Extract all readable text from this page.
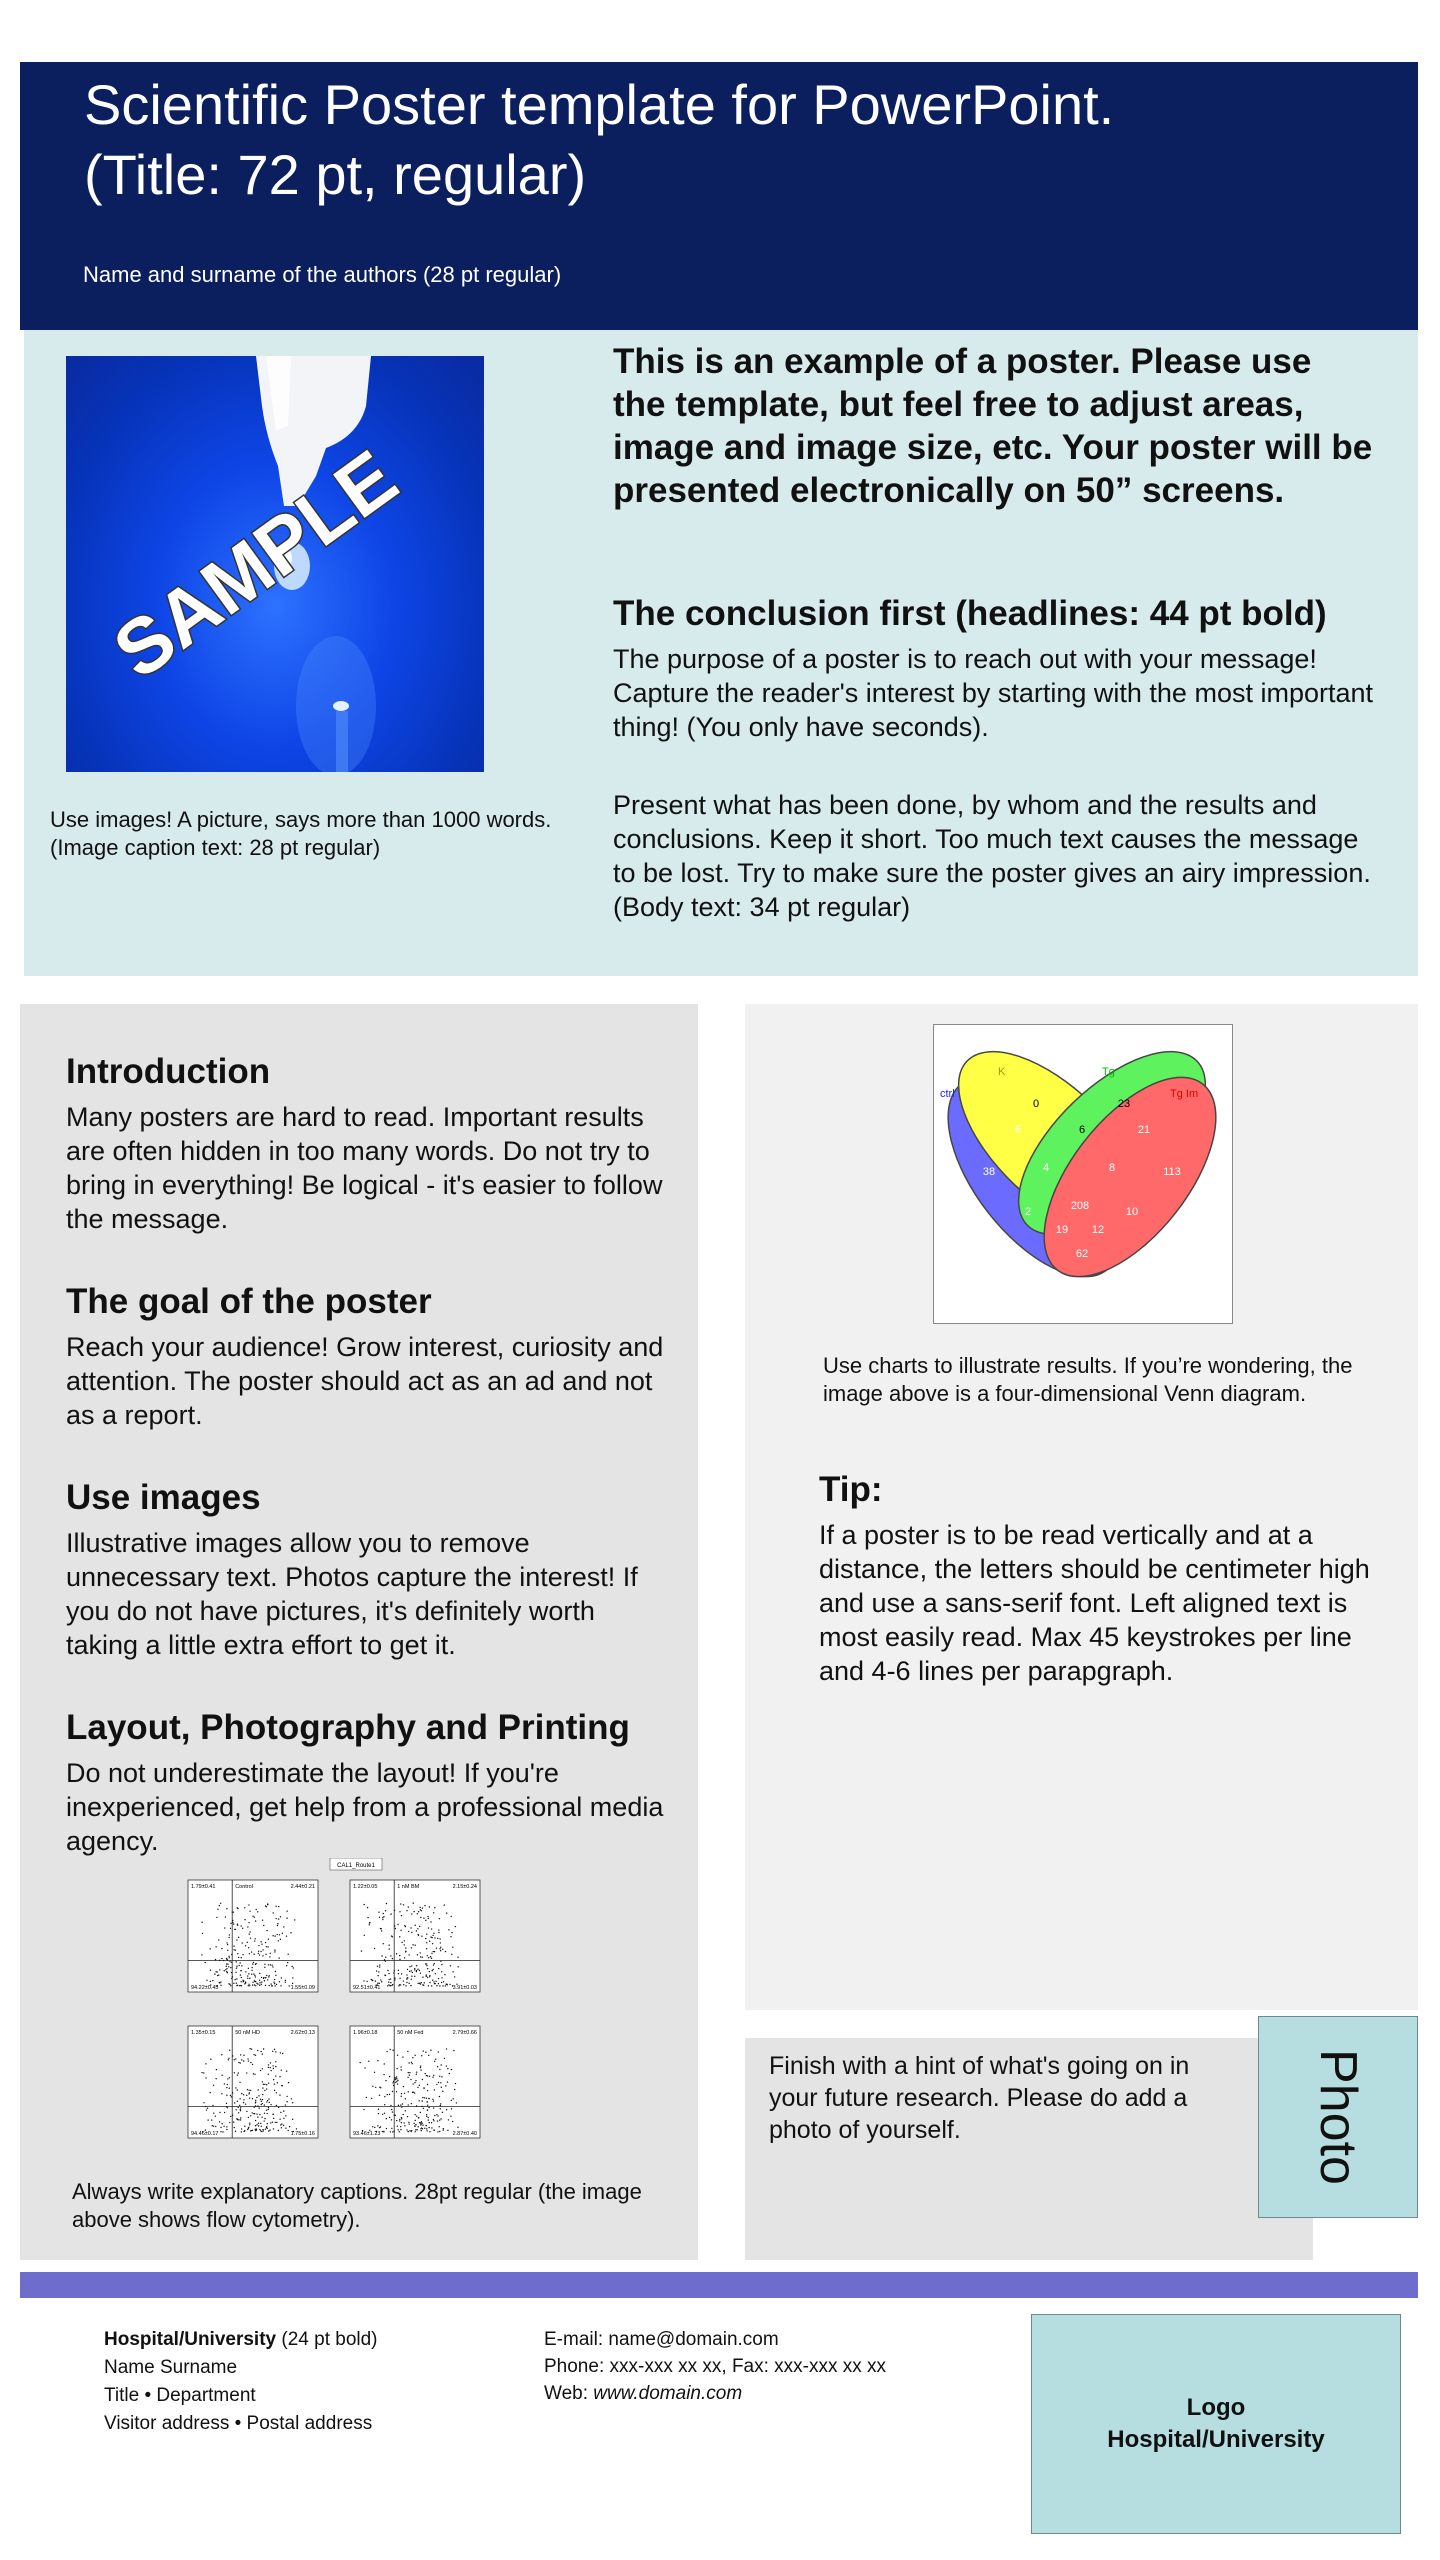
Scientific Poster template for PowerPoint.
(Title: 72 pt, regular)
Name and surname of the authors (28 pt regular)
SAMPLE
Use images! A picture, says more than 1000 words. (Image caption text: 28 pt regular)
This is an example of a poster. Please use the template, but feel free to adjust areas, image and image size, etc. Your poster will be presented electronically on 50” screens.
The conclusion first (headlines: 44 pt bold)
The purpose of a poster is to reach out with your message! Capture the reader's interest by starting with the most important thing! (You only have seconds).
Present what has been done, by whom and the results and conclusions. Keep it short. Too much text causes the message to be lost. Try to make sure the poster gives an airy impression. (Body text: 34 pt regular)
Introduction
Many posters are hard to read. Important results are often hidden in too many words. Do not try to bring in everything! Be logical - it's easier to follow the message.
The goal of the poster
Reach your audience! Grow interest, curiosity and attention. The poster should act as an ad and not as a report.
Use images
Illustrative images allow you to remove unnecessary text. Photos capture the interest! If you do not have pictures, it's definitely worth taking a little extra effort to get it.
Layout, Photography and Printing
Do not underestimate the layout! If you're inexperienced, get help from a professional media agency.
CAL1_Route1
1.79±0.41	2.44±0.21
94.22±0.45	1.55±0.09
Control	1.22±0.05	2.15±0.24
92.51±0.41	3.91±0.03
1 nM BM
1.35±0.15	2.62±0.13
94.46±0.17	1.75±0.16
50 nM HD	1.96±0.18	2.79±0.66
93.46±1.23	2.87±0.40
50 nM Fed
Always write explanatory captions. 28pt regular (the image above shows flow cytometry).
ctrl
K	Tg
Tg Im
0	23
6	6	21
38	4	8	113
208
2	10
19 12
62
Use charts to illustrate results. If you’re wondering, the image above is a four-dimensional Venn diagram.
Tip:
If a poster is to be read vertically and at a distance, the letters should be centimeter high and use a sans-serif font. Left aligned text is most easily read. Max 45 keystrokes per line and 4-6 lines per parapgraph.
Finish with a hint of what's going on in your future research. Please do add a photo of yourself.	Photo
Hospital/University (24 pt bold)
Name Surname
Title • Department
Visitor address • Postal address
E-mail: name@domain.com
Phone: xxx-xxx xx xx, Fax: xxx-xxx xx xx
Web: www.domain.com
Logo
Hospital/University
